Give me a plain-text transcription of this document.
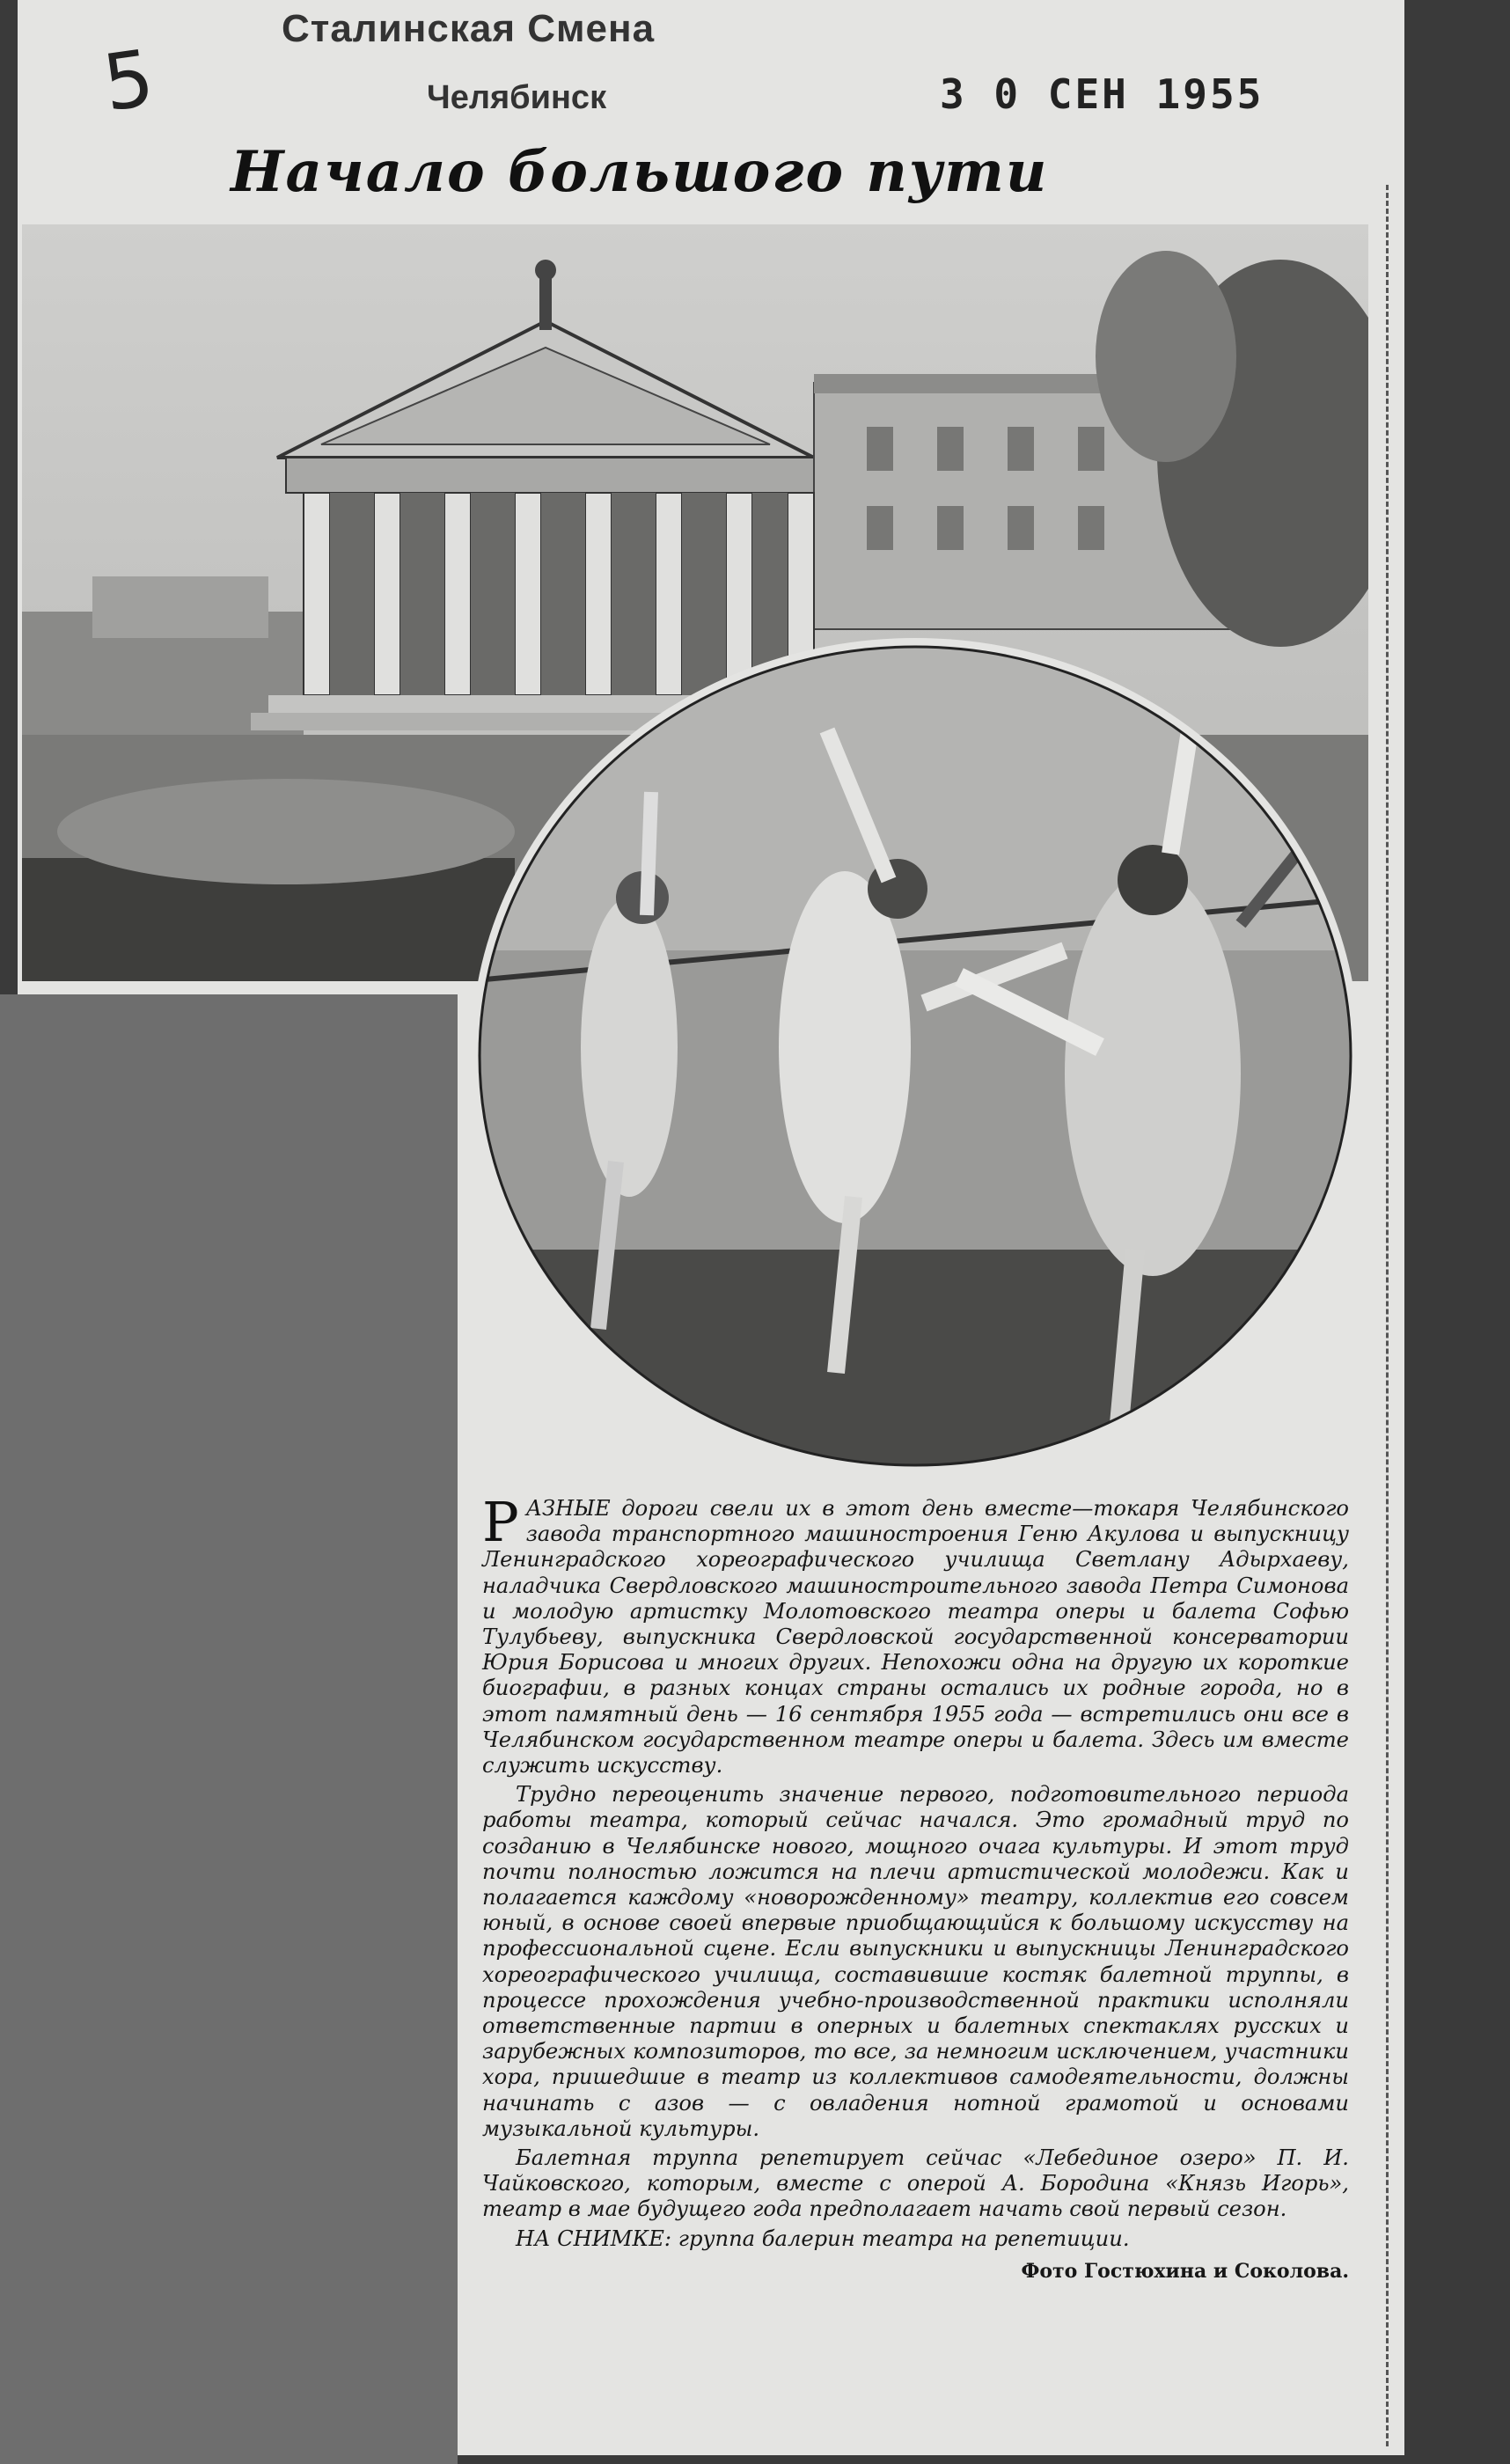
5
Сталинская Смена
Челябинск	3 0 CEH 1955
Начало большого пути

РАЗНЫЕ дороги свели их в этот день вместе—токаря Челябинского завода транспортного машиностроения Геню Акулова и выпускницу Ленинградского хореографического училища Светлану Адырхаеву, наладчика Свердловского машиностроительного завода Петра Симонова и молодую артистку Молотовского театра оперы и балета Софью Тулубьеву, выпускника Свердловской государственной консерватории Юрия Борисова и многих других. Непохожи одна на другую их короткие биографии, в разных концах страны остались их родные города, но в этот памятный день — 16 сентября 1955 года — встретились они все в Челябинском государственном театре оперы и балета. Здесь им вместе служить искусству.

Трудно переоценить значение первого, подготовительного периода работы театра, который сейчас начался. Это громадный труд по созданию в Челябинске нового, мощного очага культуры. И этот труд почти полностью ложится на плечи артистической молодежи. Как и полагается каждому «новорожденному» театру, коллектив его совсем юный, в основе своей впервые приобщающийся к большому искусству на профессиональной сцене. Если выпускники и выпускницы Ленинградского хореографического училища, составившие костяк балетной труппы, в процессе прохождения учебно-производственной практики исполняли ответственные партии в оперных и балетных спектаклях русских и зарубежных композиторов, то все, за немногим исключением, участники хора, пришедшие в театр из коллективов самодеятельности, должны начинать с азов — с овладения нотной грамотой и основами музыкальной культуры.

Балетная труппа репетирует сейчас «Лебединое озеро» П. И. Чайковского, которым, вместе с оперой А. Бородина «Князь Игорь», театр в мае будущего года предполагает начать свой первый сезон.

НА СНИМКЕ: группа балерин театра на репетиции.

Фото Гостюхина и Соколова.
